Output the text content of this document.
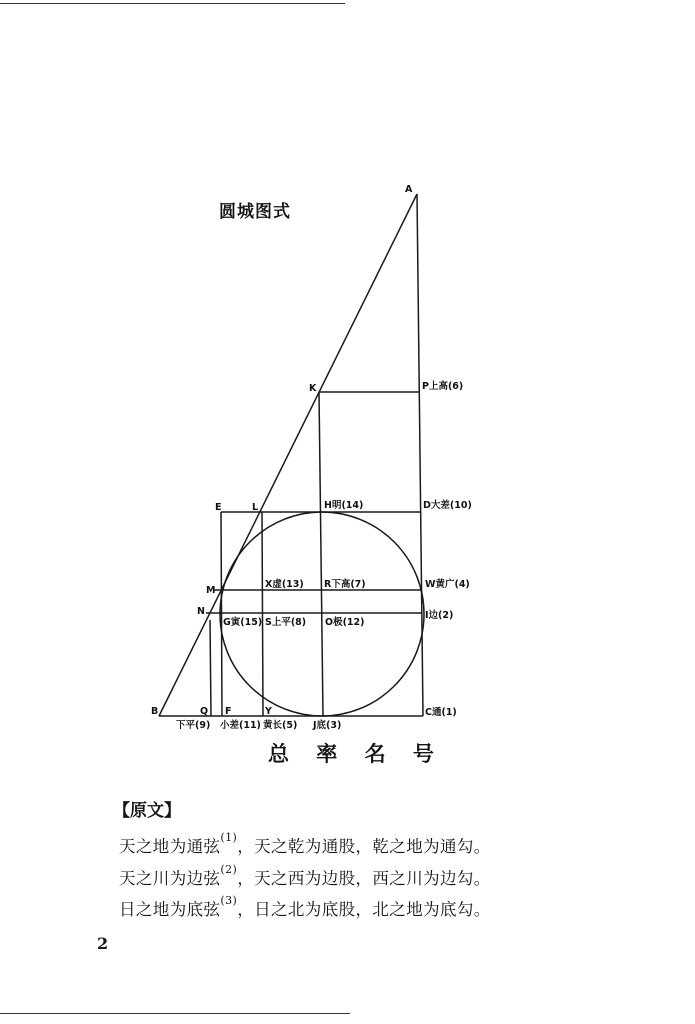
A
K	P上高(6)
E	L	H明(14)	D大差(10)
M
X虚(13) R下高(7)	W黄广(4)
N
G寅(15) S上平(8) O极(12)
I边(2)
B	Q F	Y	C通(1)
下平(9) 小差(11) 黄长(5) J底(3)
圆城图式
总 率 名 号
【原文】
天之地为通弦$^{(1)}$，天之乾为通股，乾之地为通勾。
天之川为边弦$^{(2)}$，天之西为边股，西之川为边勾。
日之地为底弦$^{(3)}$，日之北为底股，北之地为底勾。
2
